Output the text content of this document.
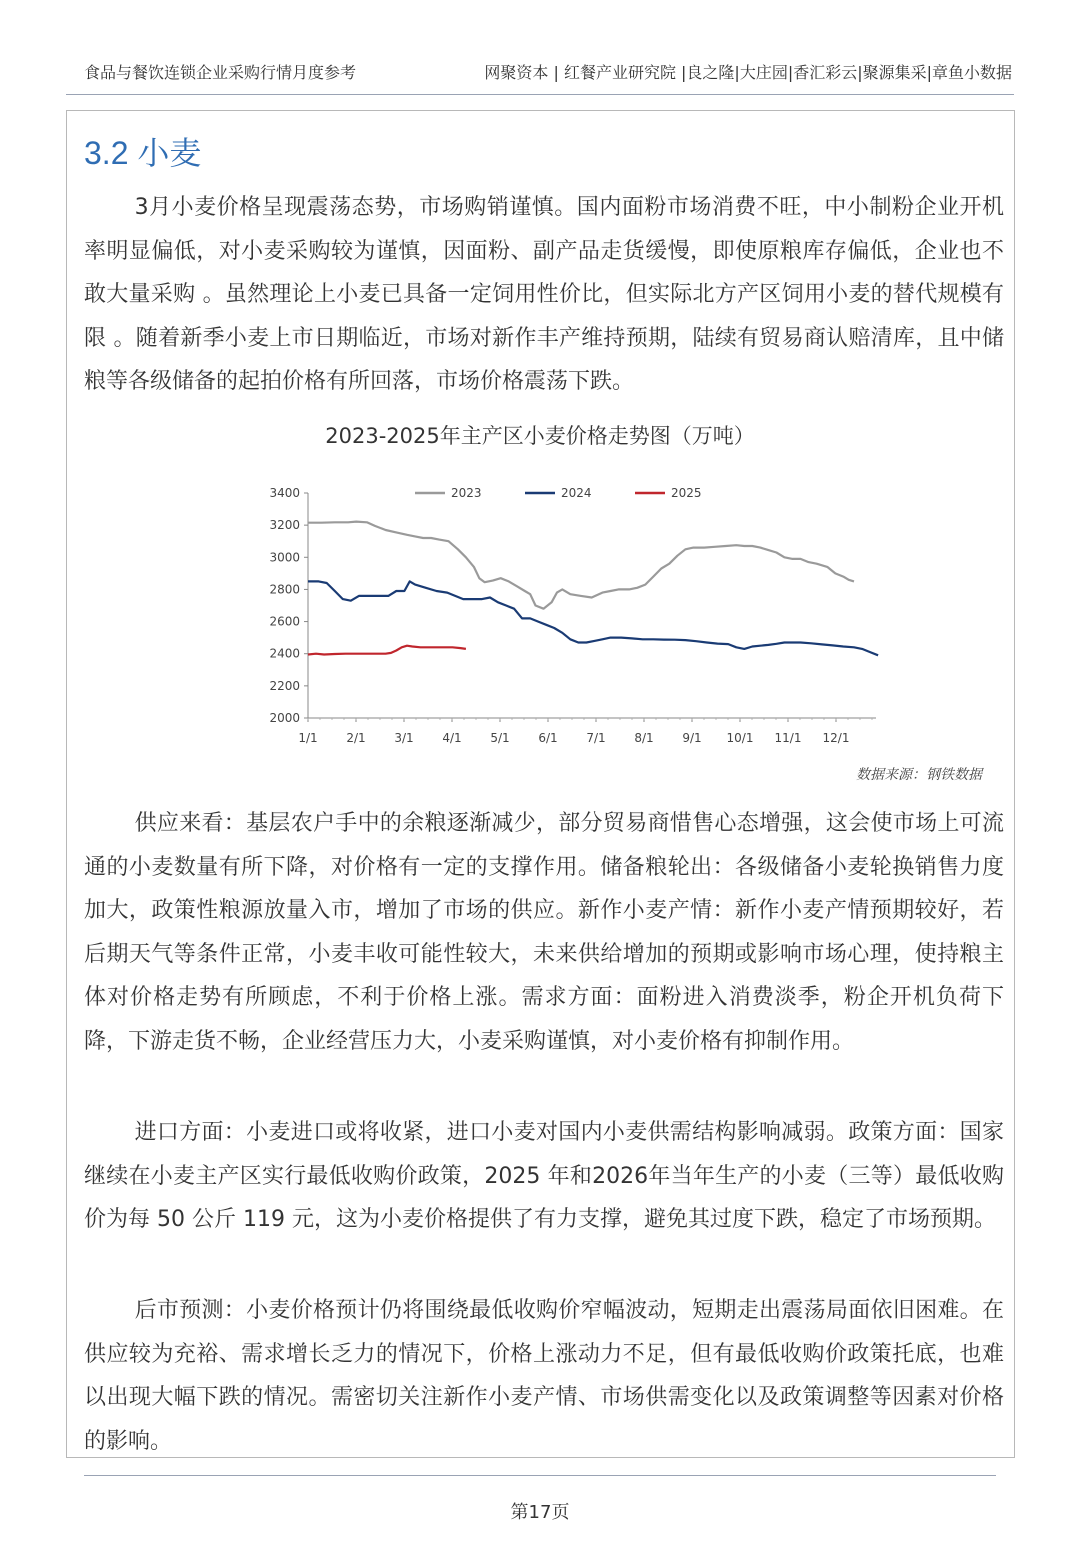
食品与餐饮连锁企业采购行情月度参考	网聚资本 | 红餐产业研究院 |良之隆|大庄园|香汇彩云|聚源集采|章鱼小数据
3.2 小麦

3月小麦价格呈现震荡态势，市场购销谨慎。国内面粉市场消费不旺，中小制粉企业开机率明显偏低，对小麦采购较为谨慎，因面粉、副产品走货缓慢，即使原粮库存偏低，企业也不敢大量采购 。虽然理论上小麦已具备一定饲用性价比，但实际北方产区饲用小麦的替代规模有限 。随着新季小麦上市日期临近，市场对新作丰产维持预期，陆续有贸易商认赔清库，且中储粮等各级储备的起拍价格有所回落，市场价格震荡下跌。

2023-2025年主产区小麦价格走势图（万吨）
2000
2200
2400
2600
2800
3000
3200
3400
1/1 2/1 3/1 4/1 5/1 6/1 7/1 8/1 9/1 10/1 11/1 12/1
2023	2024	2025
数据来源：钢铁数据

供应来看：基层农户手中的余粮逐渐减少，部分贸易商惜售心态增强，这会使市场上可流通的小麦数量有所下降，对价格有一定的支撑作用。储备粮轮出：各级储备小麦轮换销售力度加大，政策性粮源放量入市，增加了市场的供应。新作小麦产情：新作小麦产情预期较好，若后期天气等条件正常，小麦丰收可能性较大，未来供给增加的预期或影响市场心理，使持粮主体对价格走势有所顾虑，不利于价格上涨。需求方面：面粉进入消费淡季，粉企开机负荷下降，下游走货不畅，企业经营压力大，小麦采购谨慎，对小麦价格有抑制作用。

进口方面：小麦进口或将收紧，进口小麦对国内小麦供需结构影响减弱。政策方面：国家继续在小麦主产区实行最低收购价政策，2025 年和2026年当年生产的小麦（三等）最低收购价为每 50 公斤 119 元，这为小麦价格提供了有力支撑，避免其过度下跌，稳定了市场预期。

后市预测：小麦价格预计仍将围绕最低收购价窄幅波动，短期走出震荡局面依旧困难。在供应较为充裕、需求增长乏力的情况下，价格上涨动力不足，但有最低收购价政策托底，也难以出现大幅下跌的情况。需密切关注新作小麦产情、市场供需变化以及政策调整等因素对价格的影响。

第17页
